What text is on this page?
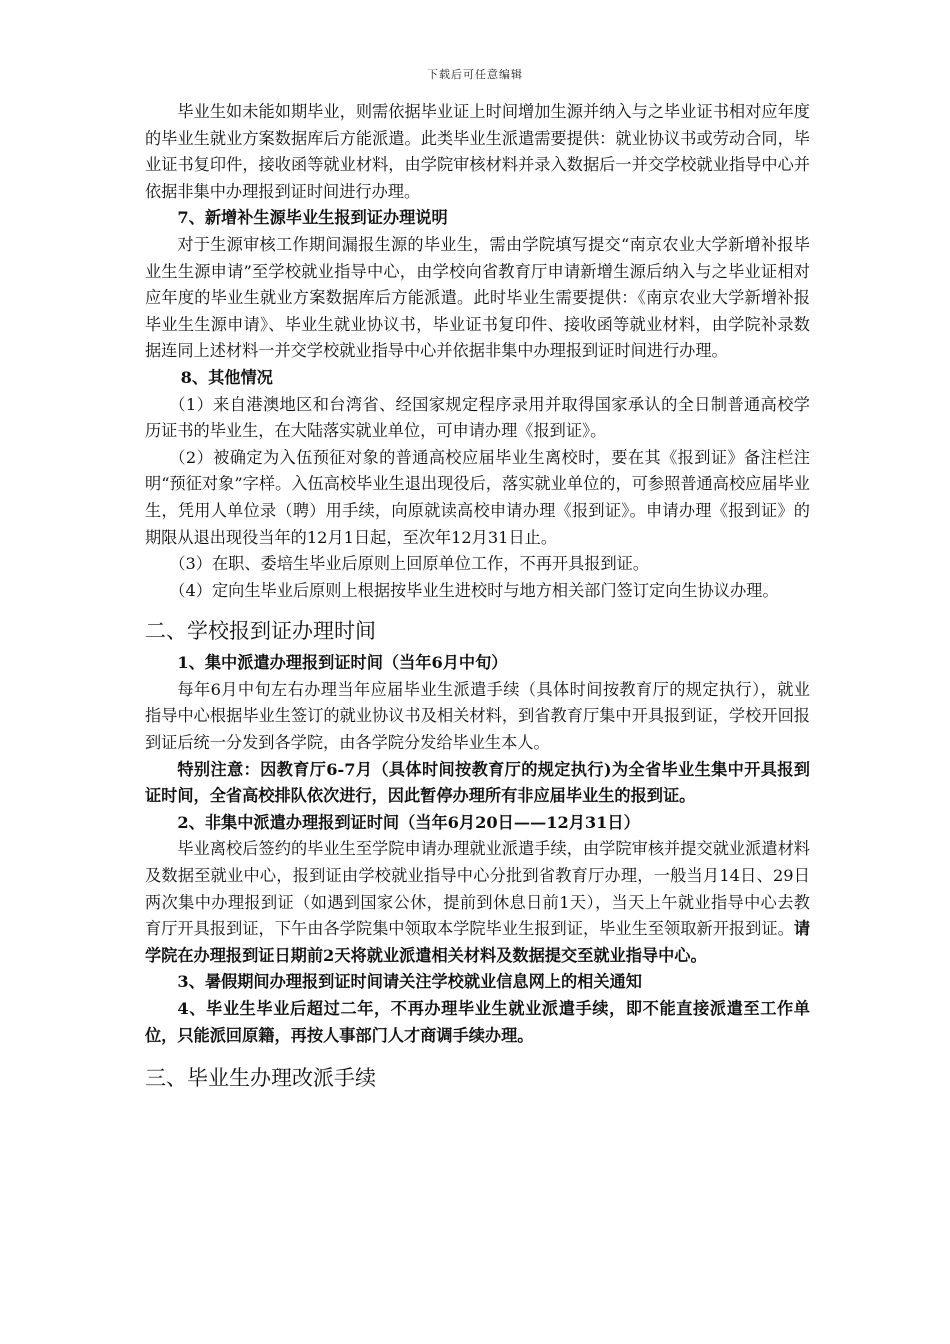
下载后可任意编辑

毕业生如未能如期毕业，则需依据毕业证上时间增加生源并纳入与之毕业证书相对应年度的毕业生就业方案数据库后方能派遣。此类毕业生派遣需要提供：就业协议书或劳动合同，毕业证书复印件，接收函等就业材料，由学院审核材料并录入数据后一并交学校就业指导中心并依据非集中办理报到证时间进行办理。

7、新增补生源毕业生报到证办理说明

对于生源审核工作期间漏报生源的毕业生，需由学院填写提交“南京农业大学新增补报毕业生生源申请”至学校就业指导中心，由学校向省教育厅申请新增生源后纳入与之毕业证相对应年度的毕业生就业方案数据库后方能派遣。此时毕业生需要提供：《南京农业大学新增补报毕业生生源申请》、毕业生就业协议书，毕业证书复印件、接收函等就业材料，由学院补录数据连同上述材料一并交学校就业指导中心并依据非集中办理报到证时间进行办理。

8、其他情况

（1）来自港澳地区和台湾省、经国家规定程序录用并取得国家承认的全日制普通高校学历证书的毕业生，在大陆落实就业单位，可申请办理《报到证》。

（2）被确定为入伍预征对象的普通高校应届毕业生离校时，要在其《报到证》备注栏注明“预征对象”字样。入伍高校毕业生退出现役后，落实就业单位的，可参照普通高校应届毕业生，凭用人单位录（聘）用手续，向原就读高校申请办理《报到证》。申请办理《报到证》的期限从退出现役当年的12月1日起，至次年12月31日止。

（3）在职、委培生毕业后原则上回原单位工作，不再开具报到证。

（4）定向生毕业后原则上根据按毕业生进校时与地方相关部门签订定向生协议办理。

二、学校报到证办理时间

1、集中派遣办理报到证时间（当年6月中旬）

每年6月中旬左右办理当年应届毕业生派遣手续（具体时间按教育厅的规定执行），就业指导中心根据毕业生签订的就业协议书及相关材料，到省教育厅集中开具报到证，学校开回报到证后统一分发到各学院，由各学院分发给毕业生本人。

特别注意：因教育厅6-7月（具体时间按教育厅的规定执行)为全省毕业生集中开具报到证时间，全省高校排队依次进行，因此暂停办理所有非应届毕业生的报到证。

2、非集中派遣办理报到证时间（当年6月20日——12月31日）

毕业离校后签约的毕业生至学院申请办理就业派遣手续，由学院审核并提交就业派遣材料及数据至就业中心，报到证由学校就业指导中心分批到省教育厅办理，一般当月14日、29日两次集中办理报到证（如遇到国家公休，提前到休息日前1天），当天上午就业指导中心去教育厅开具报到证，下午由各学院集中领取本学院毕业生报到证，毕业生至领取新开报到证。请学院在办理报到证日期前2天将就业派遣相关材料及数据提交至就业指导中心。

3、暑假期间办理报到证时间请关注学校就业信息网上的相关通知

4、毕业生毕业后超过二年，不再办理毕业生就业派遣手续，即不能直接派遣至工作单位，只能派回原籍，再按人事部门人才商调手续办理。

三、毕业生办理改派手续
